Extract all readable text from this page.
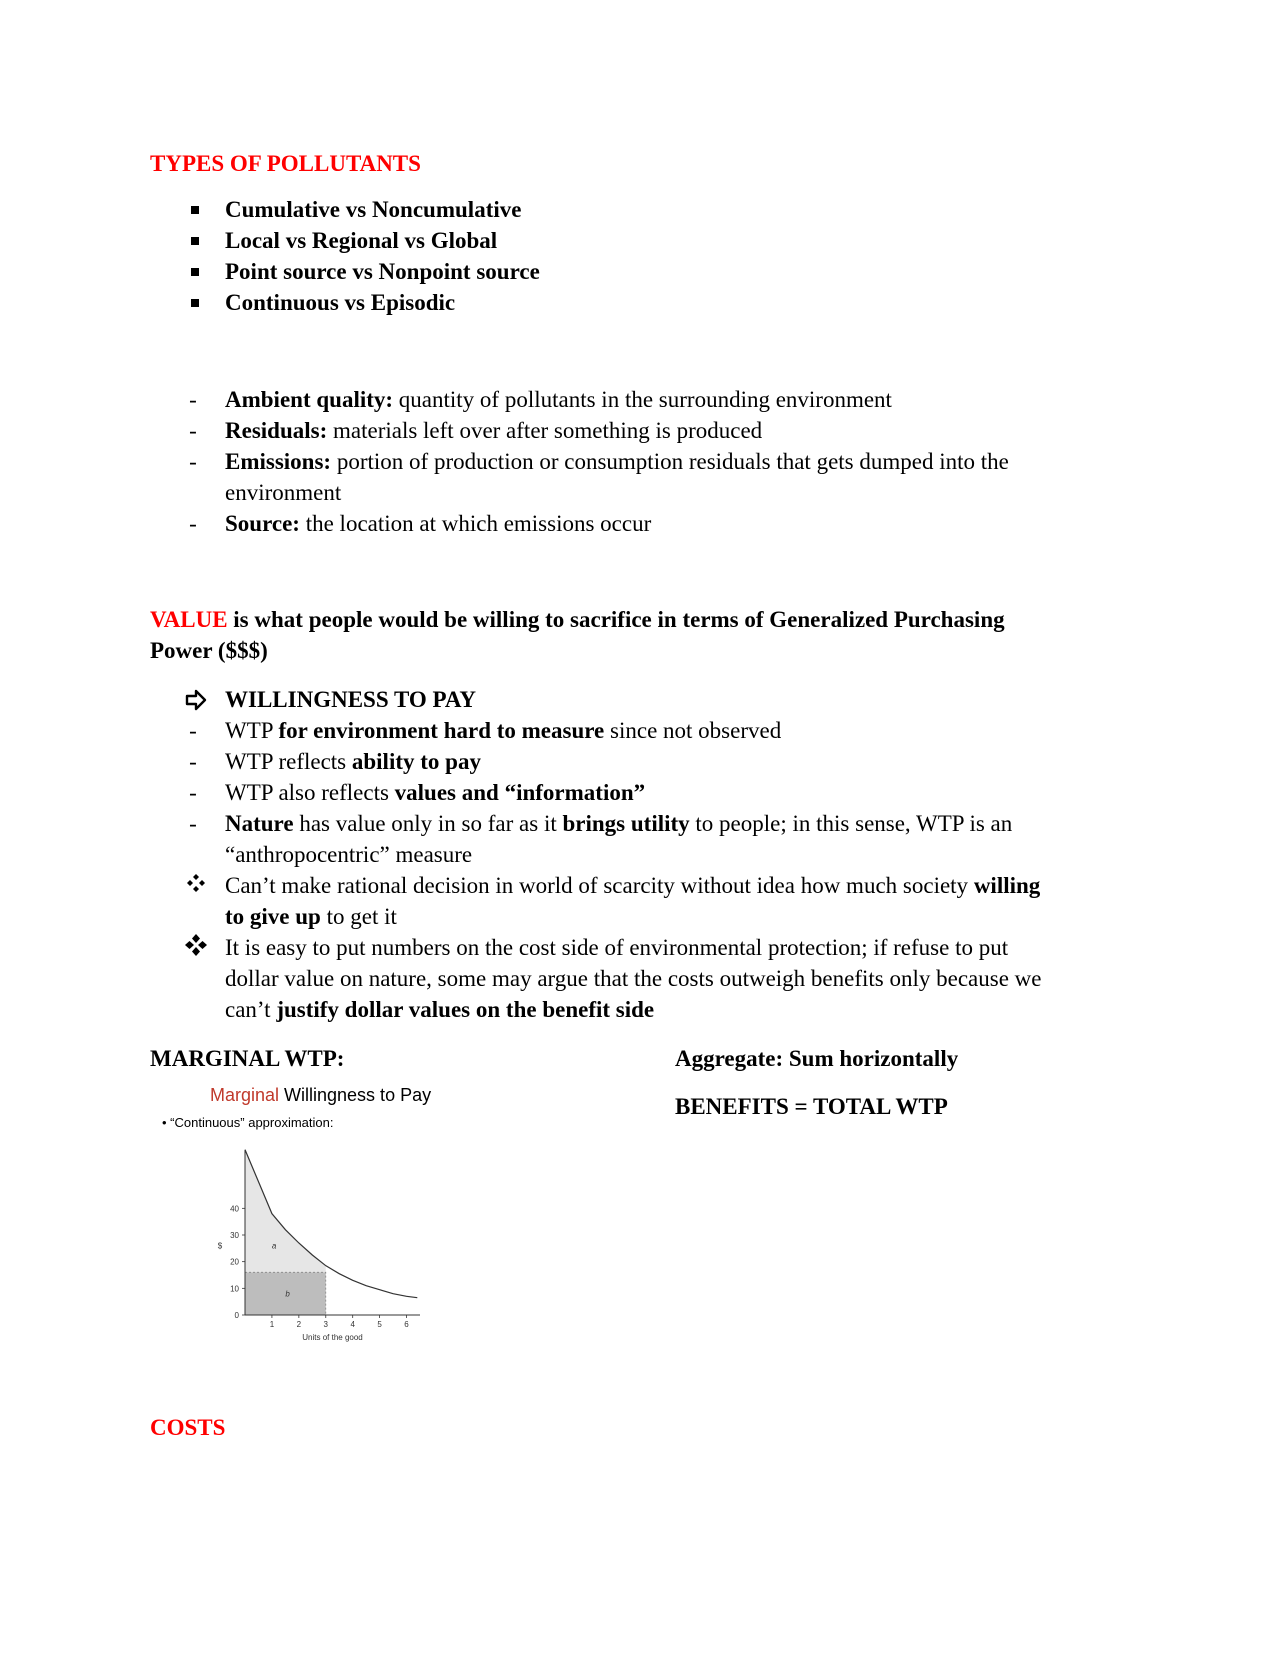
TYPES OF POLLUTANTS
Cumulative vs Noncumulative
Local vs Regional vs Global
Point source vs Nonpoint source
Continuous vs Episodic
-	Ambient quality: quantity of pollutants in the surrounding environment
-	Residuals: materials left over after something is produced
-	Emissions: portion of production or consumption residuals that gets dumped into the
environment
-	Source: the location at which emissions occur
VALUE is what people would be willing to sacrifice in terms of Generalized Purchasing
Power ($$$)
WILLINGNESS TO PAY
-	WTP for environment hard to measure since not observed
-	WTP reflects ability to pay
-	WTP also reflects values and “information”
-	Nature has value only in so far as it brings utility to people; in this sense, WTP is an
“anthropocentric” measure
Can’t make rational decision in world of scarcity without idea how much society willing
to give up to get it
It is easy to put numbers on the cost side of environmental protection; if refuse to put
dollar value on nature, some may argue that the costs outweigh benefits only because we
can’t justify dollar values on the benefit side
MARGINAL WTP:	Aggregate: Sum horizontally
BENEFITS = TOTAL WTP
Marginal Willingness to Pay
• “Continuous” approximation:
0
10
20
30
40
1	2	3	4	5	6
Units of the good
$	a
b
COSTS
